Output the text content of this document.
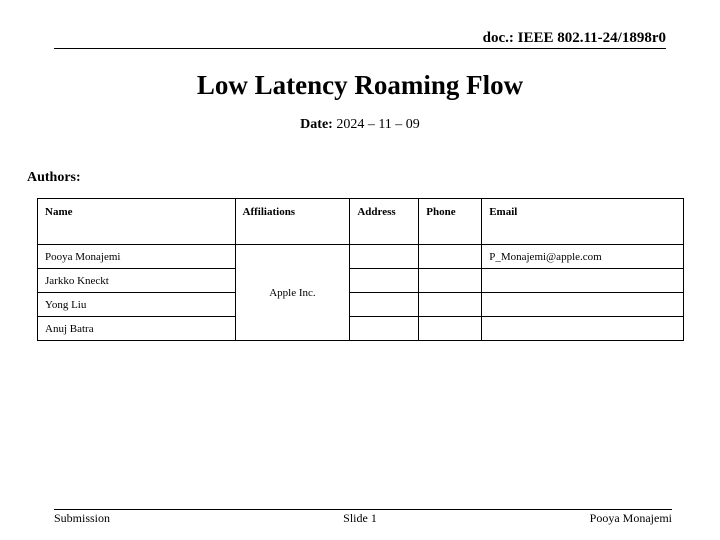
doc.: IEEE 802.11-24/1898r0
Low Latency Roaming Flow
Date: 2024 – 11 – 09
Authors:
Name	Affiliations	Address	Phone	Email
Pooya Monajemi	Apple Inc.			P_Monajemi@apple.com
Jarkko Kneckt				
Yong Liu				
Anuj Batra				
Submission	Slide 1	Pooya Monajemi
